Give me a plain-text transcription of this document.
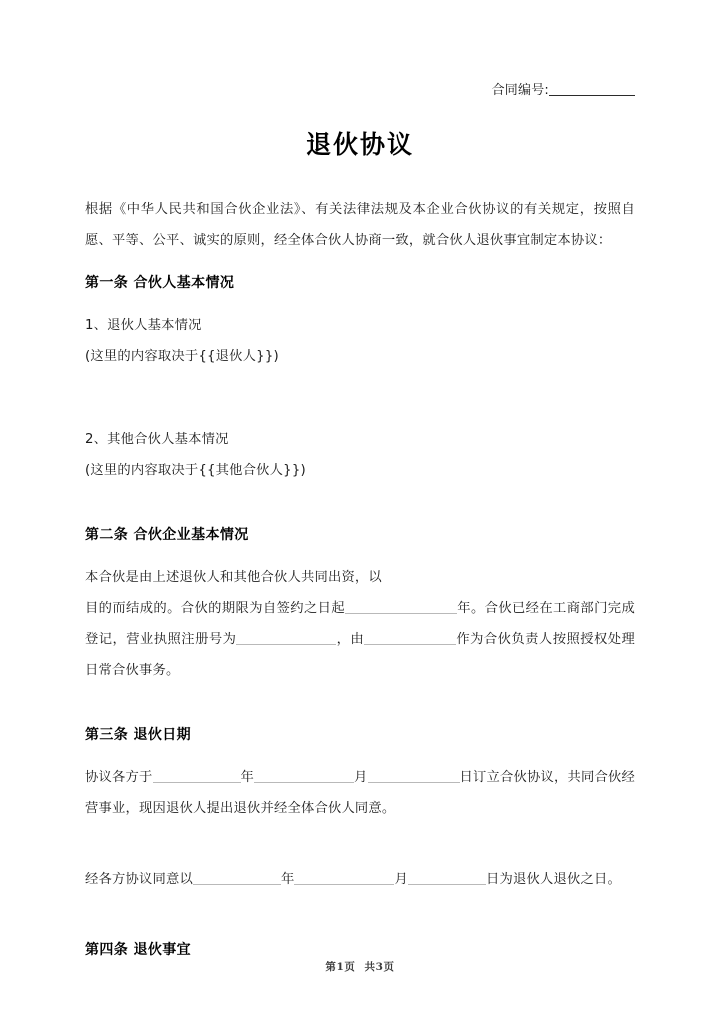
合同编号:
退伙协议

根据《中华人民共和国合伙企业法》、有关法律法规及本企业合伙协议的有关规定，按照自愿、平等、公平、诚实的原则，经全体合伙人协商一致，就合伙人退伙事宜制定本协议：

第一条 合伙人基本情况

1、退伙人基本情况

(这里的内容取决于{{退伙人}})

2、其他合伙人基本情况

(这里的内容取决于{{其他合伙人}})

第二条 合伙企业基本情况

本合伙是由上述退伙人和其他合伙人共同出资，以
目的而结成的。合伙的期限为自签约之日起	年。合伙已经在工商部门完成登记，营业执照注册号为	，由	作为合伙负责人按照授权处理日常合伙事务。

第三条 退伙日期

协议各方于	年	月	日订立合伙协议，共同合伙经营事业，现因退伙人提出退伙并经全体合伙人同意。

经各方协议同意以	年	月	日为退伙人退伙之日。

第四条 退伙事宜
第1页 共3页
